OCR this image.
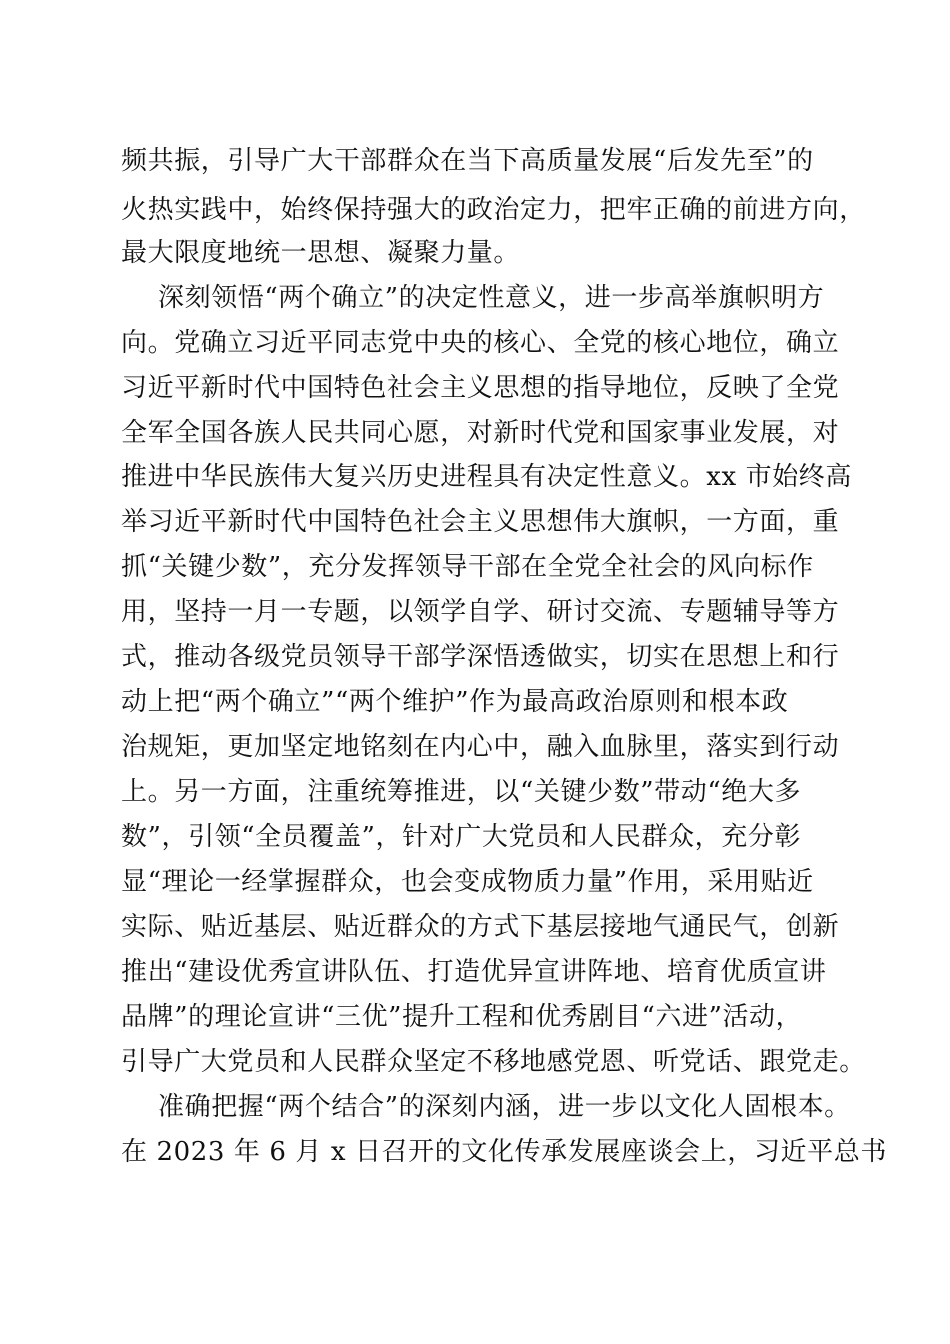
频共振，引导广大干部群众在当下高质量发展“后发先至”的
火热实践中，始终保持强大的政治定力，把牢正确的前进方向，
最大限度地统一思想、凝聚力量。
深刻领悟“两个确立”的决定性意义，进一步高举旗帜明方
向。党确立习近平同志党中央的核心、全党的核心地位，确立
习近平新时代中国特色社会主义思想的指导地位，反映了全党
全军全国各族人民共同心愿，对新时代党和国家事业发展，对
推进中华民族伟大复兴历史进程具有决定性意义。xx 市始终高
举习近平新时代中国特色社会主义思想伟大旗帜，一方面，重
抓“关键少数”，充分发挥领导干部在全党全社会的风向标作
用，坚持一月一专题，以领学自学、研讨交流、专题辅导等方
式，推动各级党员领导干部学深悟透做实，切实在思想上和行
动上把“两个确立”“两个维护”作为最高政治原则和根本政
治规矩，更加坚定地铭刻在内心中，融入血脉里，落实到行动
上。另一方面，注重统筹推进，以“关键少数”带动“绝大多
数”，引领“全员覆盖”，针对广大党员和人民群众，充分彰
显“理论一经掌握群众，也会变成物质力量”作用，采用贴近
实际、贴近基层、贴近群众的方式下基层接地气通民气，创新
推出“建设优秀宣讲队伍、打造优异宣讲阵地、培育优质宣讲
品牌”的理论宣讲“三优”提升工程和优秀剧目“六进”活动，
引导广大党员和人民群众坚定不移地感党恩、听党话、跟党走。
准确把握“两个结合”的深刻内涵，进一步以文化人固根本。
在 2023 年 6 月 x 日召开的文化传承发展座谈会上，习近平总书
